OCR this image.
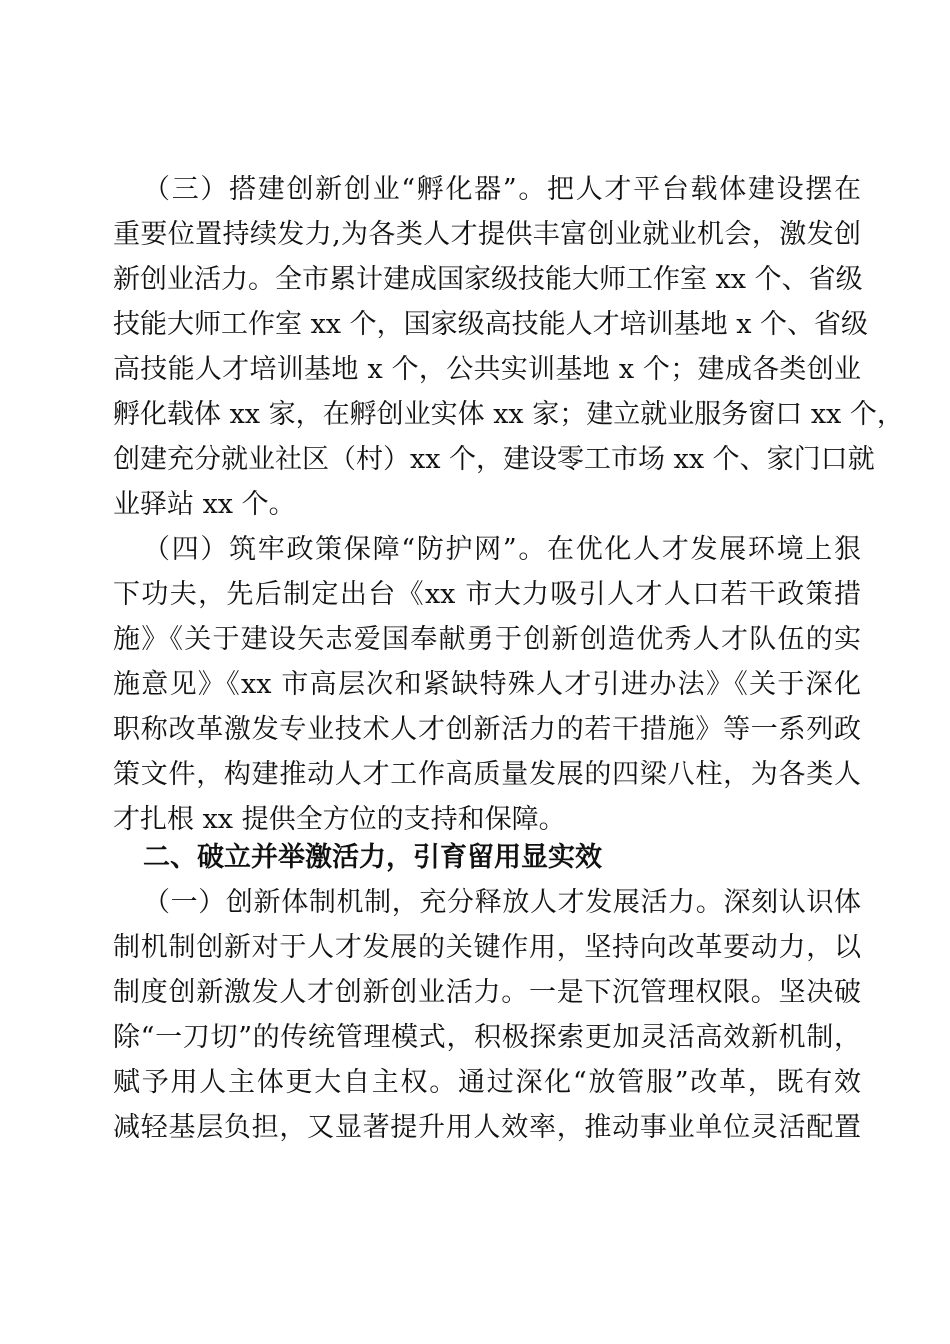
（三）搭建创新创业“孵化器”。把人才平台载体建设摆在
重要位置持续发力,为各类人才提供丰富创业就业机会，激发创
新创业活力。全市累计建成国家级技能大师工作室 xx 个、省级
技能大师工作室 xx 个，国家级高技能人才培训基地 x 个、省级
高技能人才培训基地 x 个，公共实训基地 x 个；建成各类创业
孵化载体 xx 家，在孵创业实体 xx 家；建立就业服务窗口 xx 个，
创建充分就业社区（村）xx 个，建设零工市场 xx 个、家门口就
业驿站 xx 个。
（四）筑牢政策保障“防护网”。在优化人才发展环境上狠
下功夫，先后制定出台《xx 市大力吸引人才人口若干政策措
施》《关于建设矢志爱国奉献勇于创新创造优秀人才队伍的实
施意见》《xx 市高层次和紧缺特殊人才引进办法》《关于深化
职称改革激发专业技术人才创新活力的若干措施》等一系列政
策文件，构建推动人才工作高质量发展的四梁八柱，为各类人
才扎根 xx 提供全方位的支持和保障。
二、破立并举激活力，引育留用显实效
（一）创新体制机制，充分释放人才发展活力。深刻认识体
制机制创新对于人才发展的关键作用，坚持向改革要动力，以
制度创新激发人才创新创业活力。一是下沉管理权限。坚决破
除“一刀切”的传统管理模式，积极探索更加灵活高效新机制，
赋予用人主体更大自主权。通过深化“放管服”改革，既有效
减轻基层负担，又显著提升用人效率，推动事业单位灵活配置
